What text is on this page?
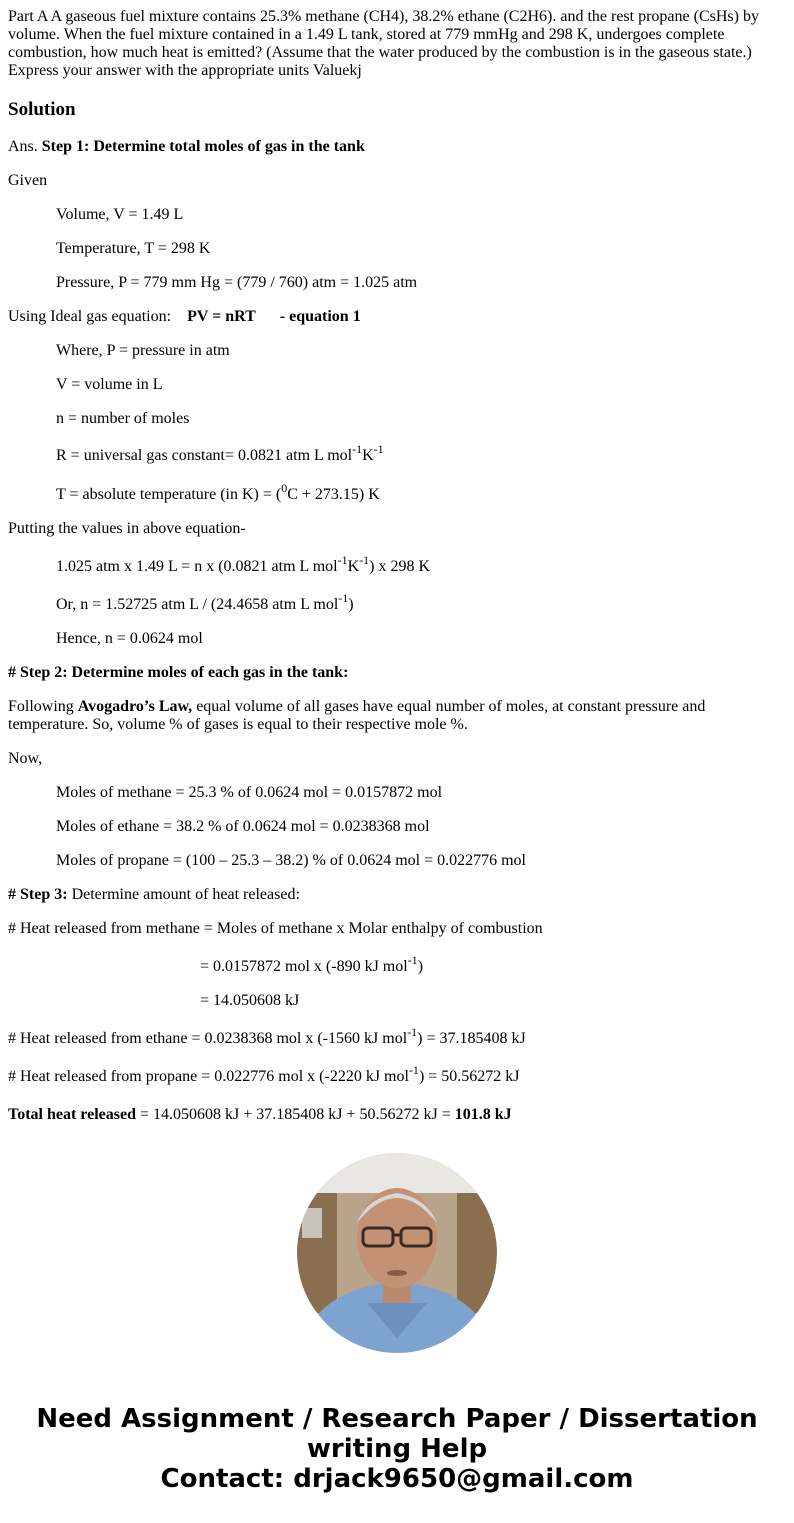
Part A A gaseous fuel mixture contains 25.3% methane (CH4), 38.2% ethane (C2H6). and the rest propane (CsHs) by volume. When the fuel mixture contained in a 1.49 L tank, stored at 779 mmHg and 298 K, undergoes complete combustion, how much heat is emitted? (Assume that the water produced by the combustion is in the gaseous state.) Express your answer with the appropriate units Valuekj

Solution

Ans. Step 1: Determine total moles of gas in the tank

Given

Volume, V = 1.49 L

Temperature, T = 298 K

Pressure, P = 779 mm Hg = (779 / 760) atm = 1.025 atm

Using Ideal gas equation: PV = nRT - equation 1

Where, P = pressure in atm

V = volume in L

n = number of moles

R = universal gas constant= 0.0821 atm L $mol^{-1}K^{-1}$

T = absolute temperature (in K) = ($^0$C + 273.15) K

Putting the values in above equation-

1.025 atm x 1.49 L = n x (0.0821 atm L $mol^{-1}K^{-1}$) x 298 K

Or, n = 1.52725 atm L / (24.4658 atm L mol$^{-1}$)

Hence, n = 0.0624 mol

# Step 2: Determine moles of each gas in the tank:

Following Avogadro’s Law, equal volume of all gases have equal number of moles, at constant pressure and temperature. So, volume % of gases is equal to their respective mole %.

Now,

Moles of methane = 25.3 % of 0.0624 mol = 0.0157872 mol

Moles of ethane = 38.2 % of 0.0624 mol = 0.0238368 mol

Moles of propane = (100 – 25.3 – 38.2) % of 0.0624 mol = 0.022776 mol

# Step 3: Determine amount of heat released:

# Heat released from methane = Moles of methane x Molar enthalpy of combustion

= 0.0157872 mol x (-890 kJ mol$^{-1}$)

= 14.050608 kJ

# Heat released from ethane = 0.0238368 mol x (-1560 kJ mol$^{-1}$) = 37.185408 kJ

# Heat released from propane = 0.022776 mol x (-2220 kJ mol$^{-1}$) = 50.56272 kJ

Total heat released = 14.050608 kJ + 37.185408 kJ + 50.56272 kJ = 101.8 kJ

Need Assignment / Research Paper / Dissertation
writing Help
Contact: drjack9650@gmail.com
